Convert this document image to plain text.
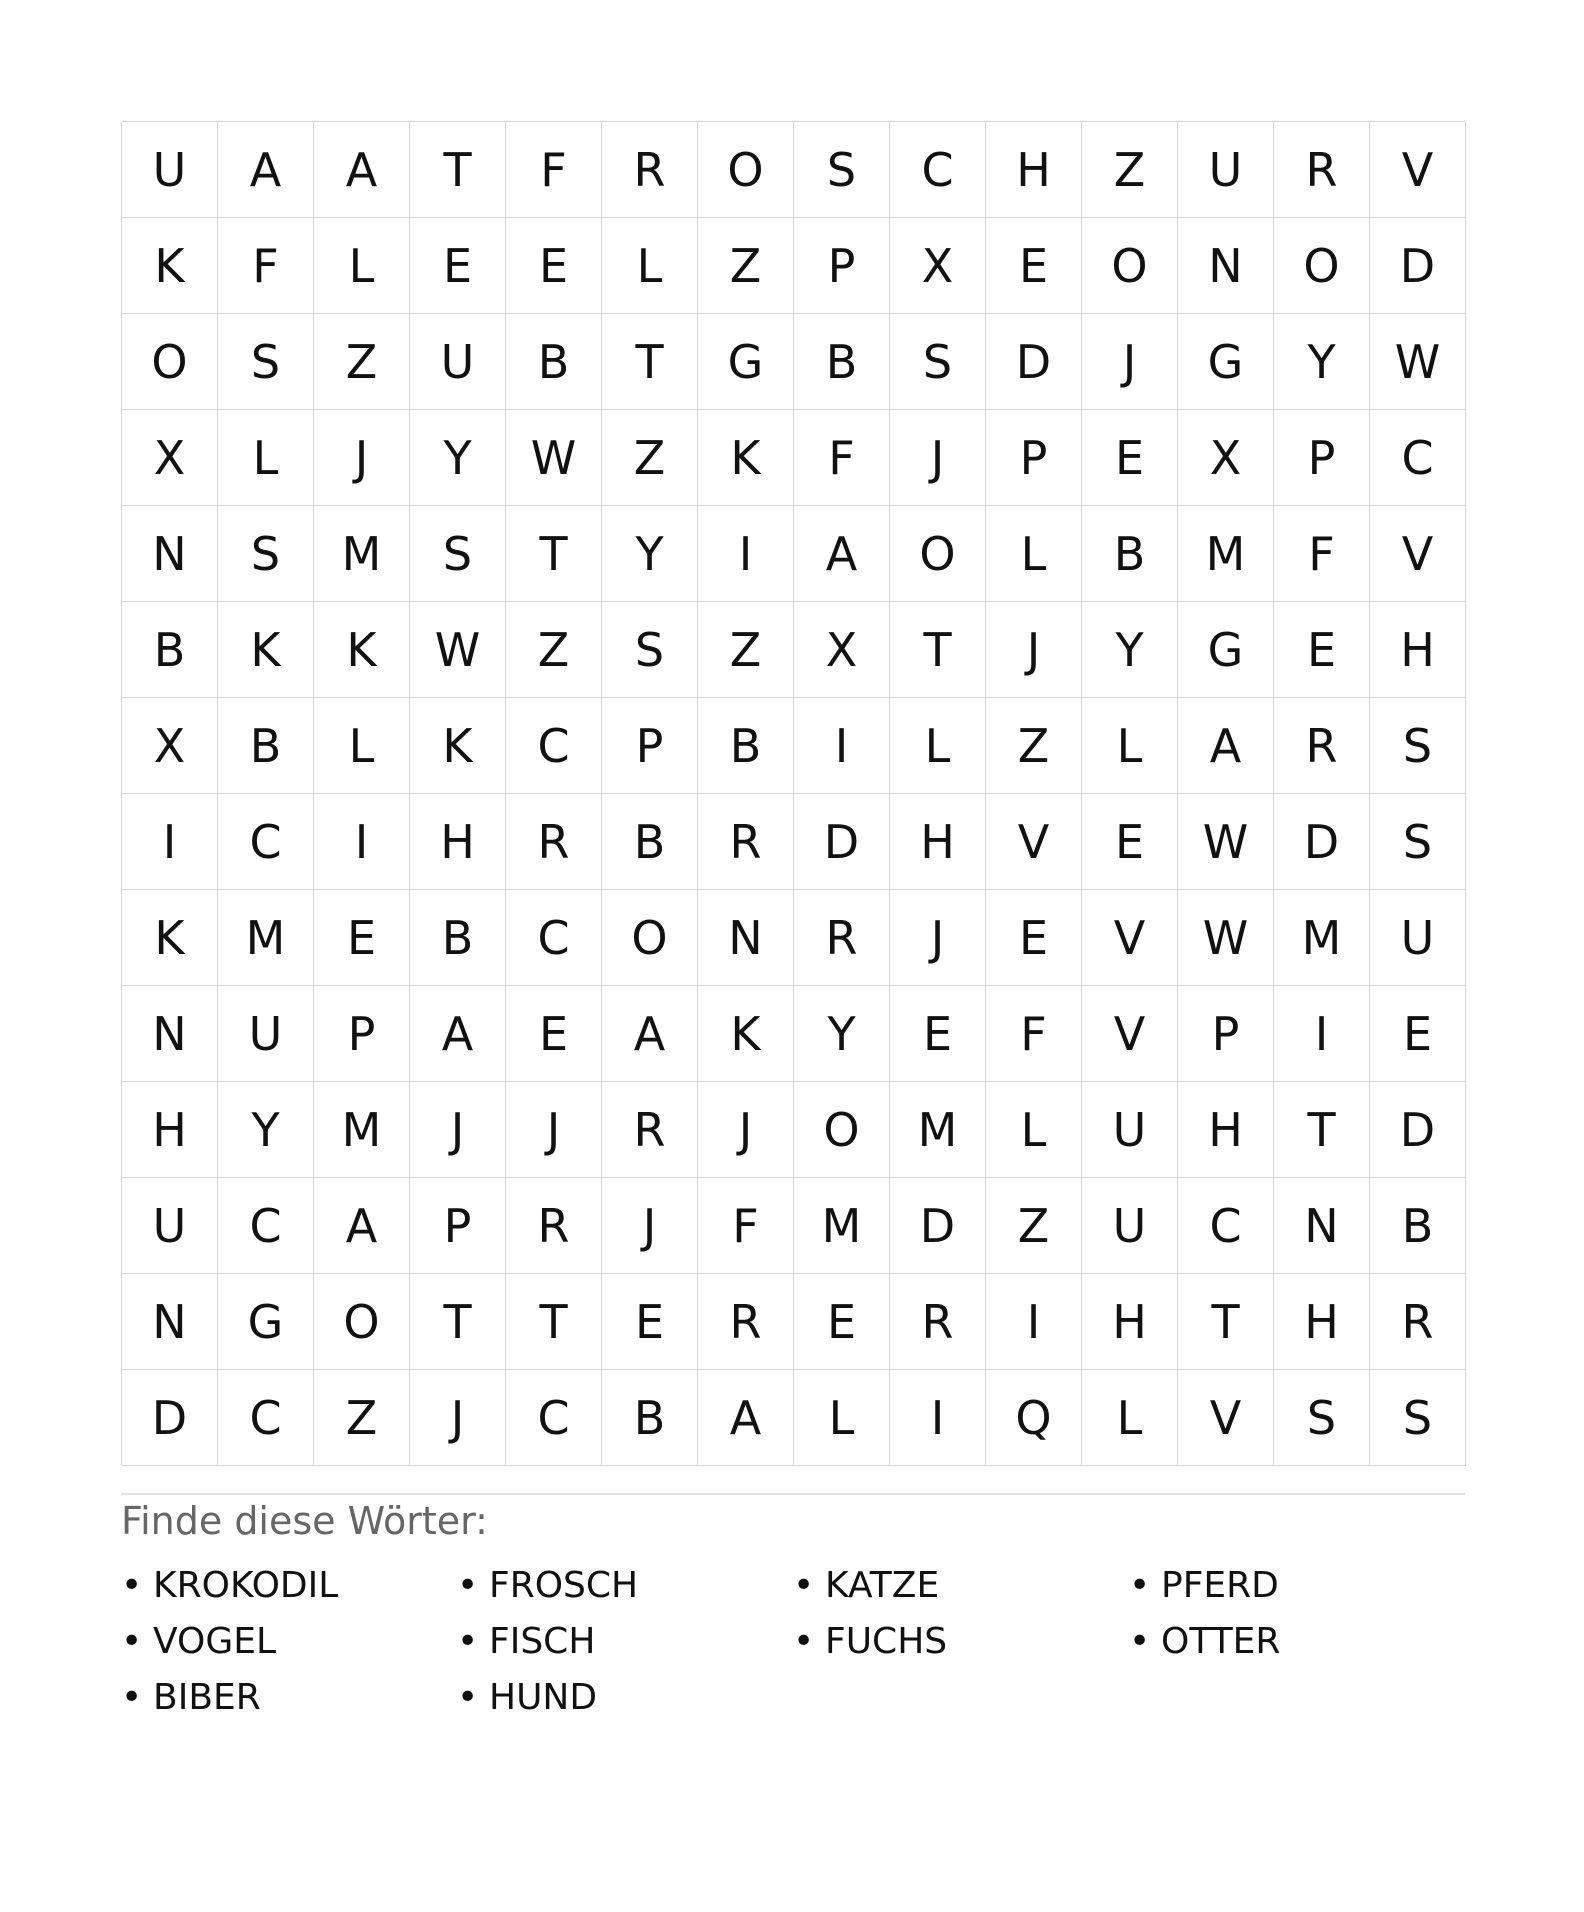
U	A	A	T	F	R	O	S	C	H	Z	U	R	V
K	F	L	E	E	L	Z	P	X	E	O	N	O	D
O	S	Z	U	B	T	G	B	S	D	J	G	Y	W
X	L	J	Y	W	Z	K	F	J	P	E	X	P	C
N	S	M	S	T	Y	I	A	O	L	B	M	F	V
B	K	K	W	Z	S	Z	X	T	J	Y	G	E	H
X	B	L	K	C	P	B	I	L	Z	L	A	R	S
I	C	I	H	R	B	R	D	H	V	E	W	D	S
K	M	E	B	C	O	N	R	J	E	V	W	M	U
N	U	P	A	E	A	K	Y	E	F	V	P	I	E
H	Y	M	J	J	R	J	O	M	L	U	H	T	D
U	C	A	P	R	J	F	M	D	Z	U	C	N	B
N	G	O	T	T	E	R	E	R	I	H	T	H	R
D	C	Z	J	C	B	A	L	I	Q	L	V	S	S
Finde diese Wörter:
• KROKODIL	• FROSCH	• KATZE	• PFERD
• VOGEL	• FISCH	• FUCHS	• OTTER
• BIBER	• HUND
